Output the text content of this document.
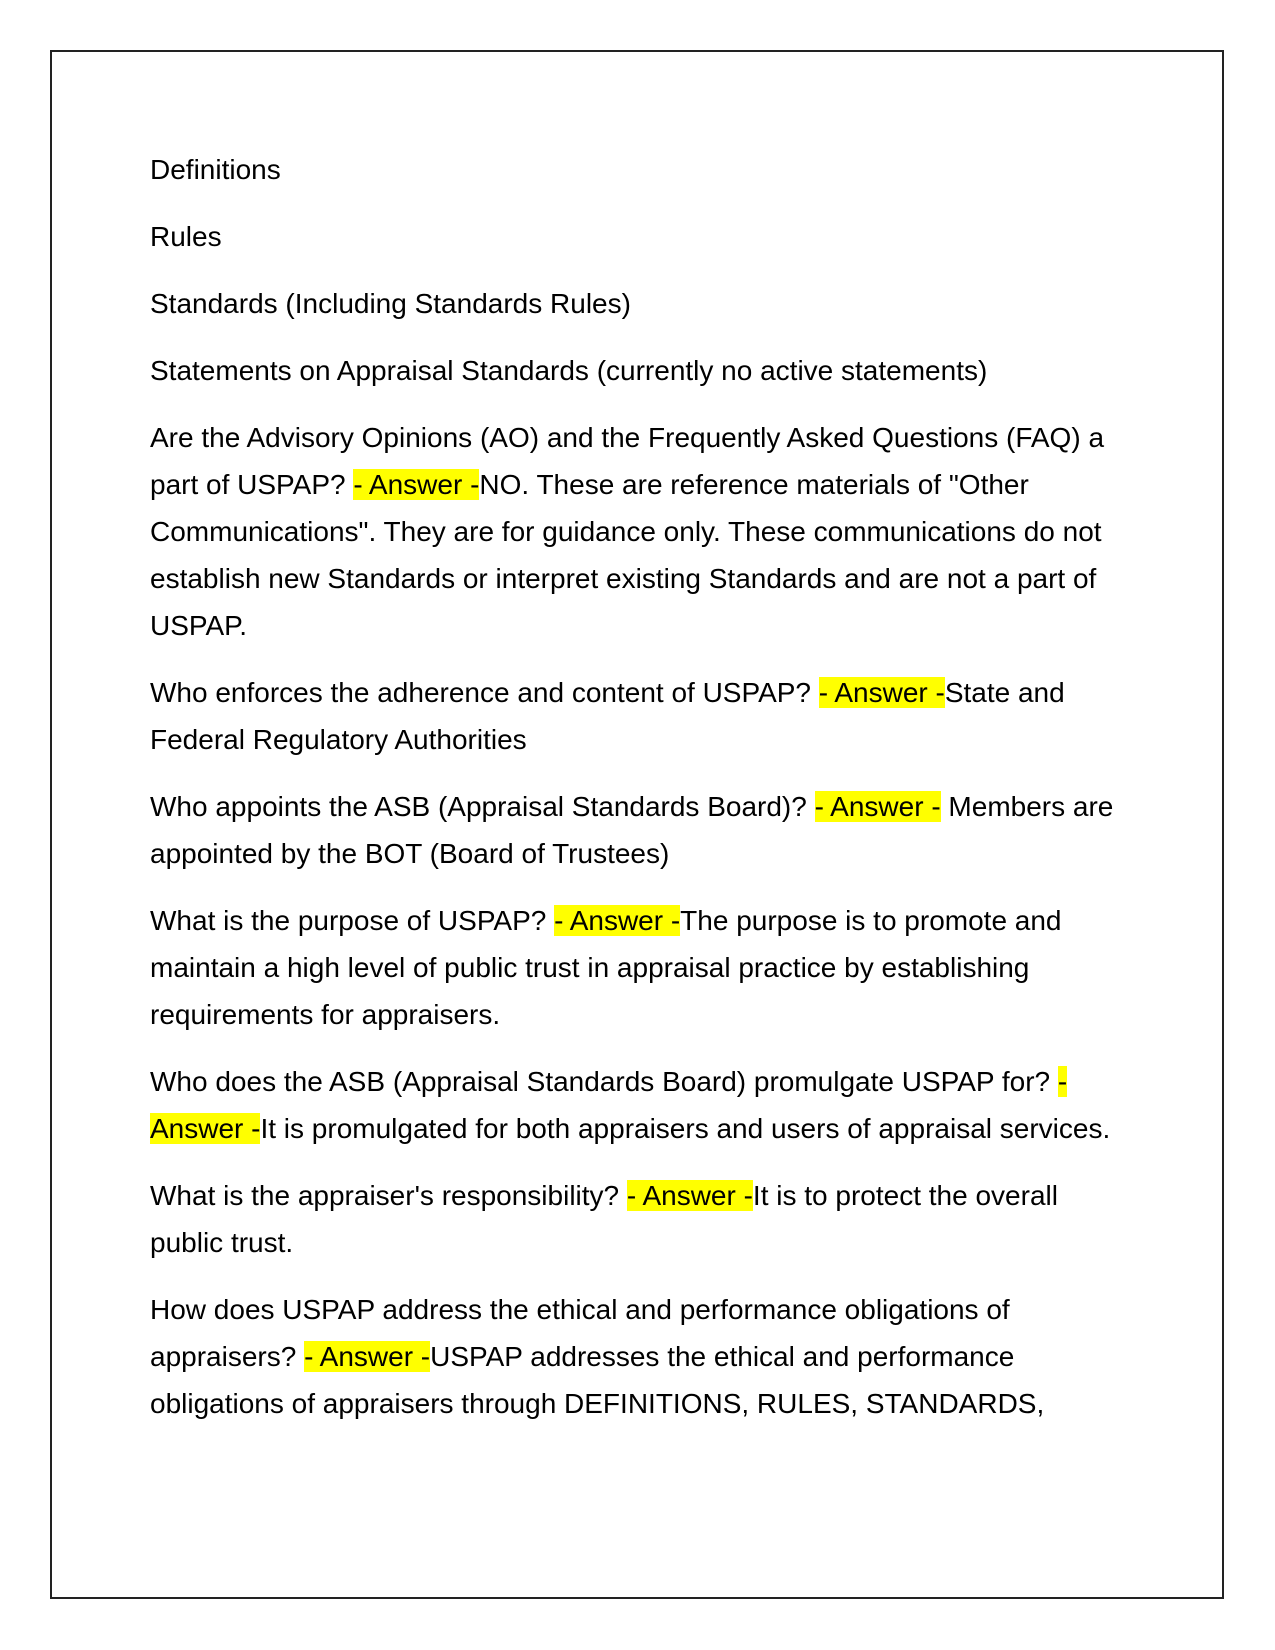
Definitions

Rules

Standards (Including Standards Rules)

Statements on Appraisal Standards (currently no active statements)

Are the Advisory Opinions (AO) and the Frequently Asked Questions (FAQ) a part of USPAP? - Answer -NO. These are reference materials of "Other Communications". They are for guidance only. These communications do not establish new Standards or interpret existing Standards and are not a part of USPAP.

Who enforces the adherence and content of USPAP? - Answer -State and Federal Regulatory Authorities

Who appoints the ASB (Appraisal Standards Board)? - Answer - Members are appointed by the BOT (Board of Trustees)

What is the purpose of USPAP? - Answer -The purpose is to promote and maintain a high level of public trust in appraisal practice by establishing requirements for appraisers.

Who does the ASB (Appraisal Standards Board) promulgate USPAP for? - Answer -It is promulgated for both appraisers and users of appraisal services.

What is the appraiser's responsibility? - Answer -It is to protect the overall public trust.

How does USPAP address the ethical and performance obligations of appraisers? - Answer -USPAP addresses the ethical and performance obligations of appraisers through DEFINITIONS, RULES, STANDARDS,
